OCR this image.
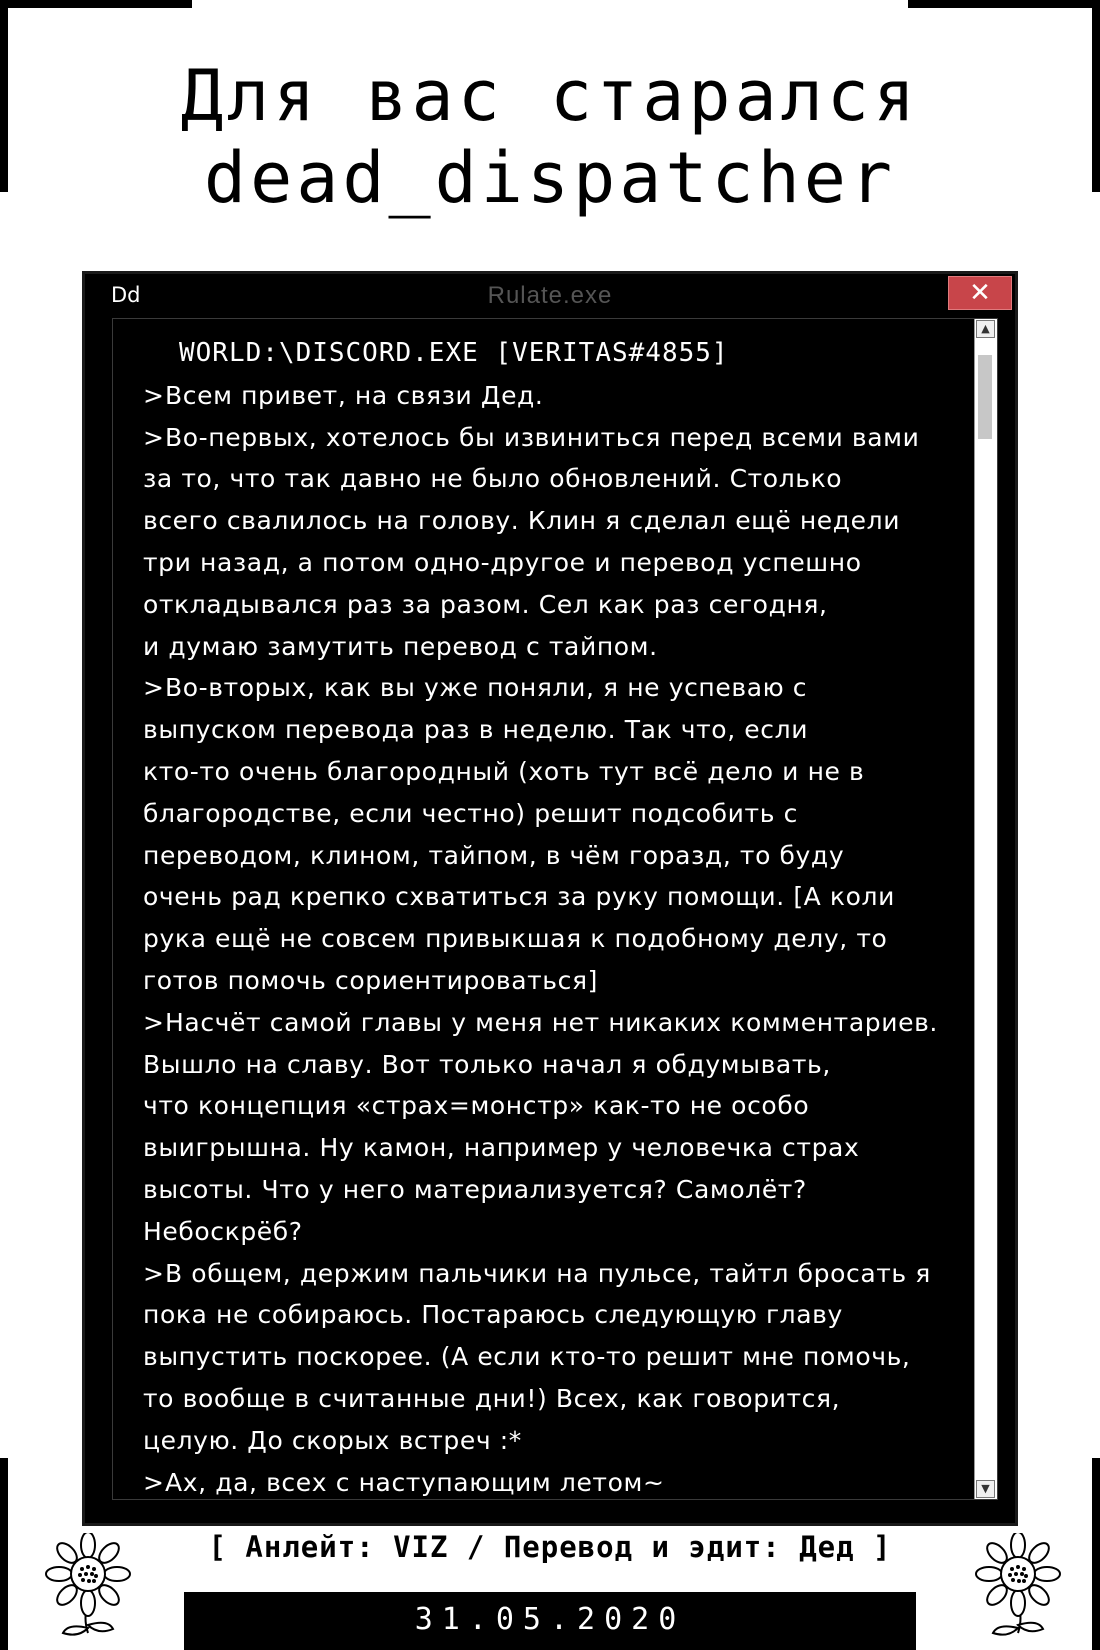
Для вас старался
dead_dispatcher
Dd	Rulate.exe	✕
WORLD:\DISCORD.EXE [VERITAS#4855]
>Всем привет, на связи Дед.
>Во-первых, хотелось бы извиниться перед всеми вами
за то, что так давно не было обновлений. Столько
всего свалилось на голову. Клин я сделал ещё недели
три назад, а потом одно-другое и перевод успешно
откладывался раз за разом. Сел как раз сегодня,
и думаю замутить перевод с тайпом.
>Во-вторых, как вы уже поняли, я не успеваю с
выпуском перевода раз в неделю. Так что, если
кто-то очень благородный (хоть тут всё дело и не в
благородстве, если честно) решит подсобить с
переводом, клином, тайпом, в чём горазд, то буду
очень рад крепко схватиться за руку помощи. [А коли
рука ещё не совсем привыкшая к подобному делу, то
готов помочь сориентироваться]
>Насчёт самой главы у меня нет никаких комментариев.
Вышло на славу. Вот только начал я обдумывать,
что концепция «страх=монстр» как-то не особо
выигрышна. Ну камон, например у человечка страх
высоты. Что у него материализуется? Самолёт?
Небоскрёб?
>В общем, держим пальчики на пульсе, тайтл бросать я
пока не собираюсь. Постараюсь следующую главу
выпустить поскорее. (А если кто-то решит мне помочь,
то вообще в считанные дни!) Всех, как говорится,
целую. До скорых встреч :*
>Ах, да, всех с наступающим летом~
▲
▼
[ Анлейт: VIZ / Перевод и эдит: Дед ]
31.05.2020
